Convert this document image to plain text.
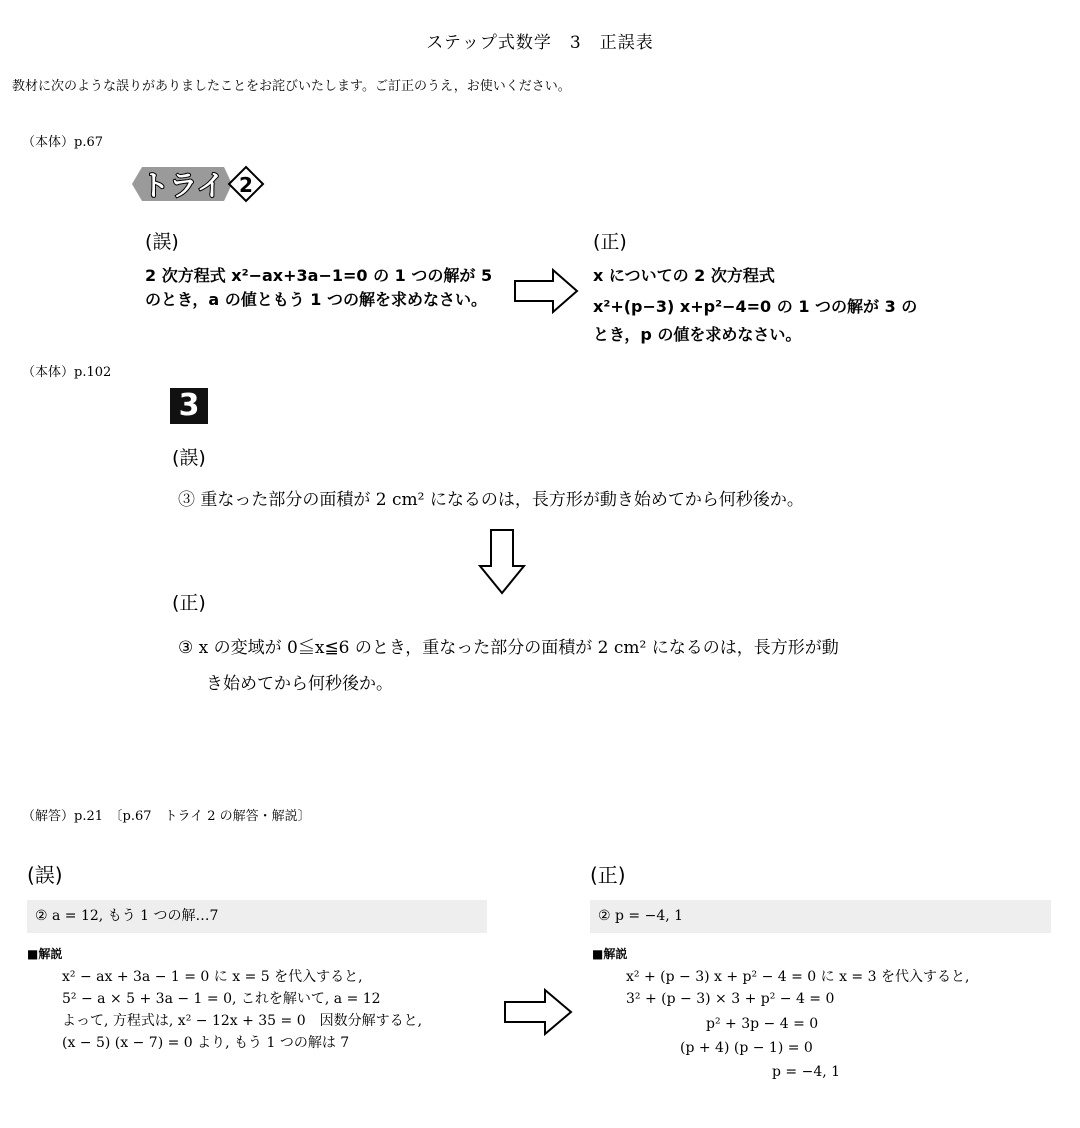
ステップ式数学　3　正誤表
教材に次のような誤りがありましたことをお詫びいたします。ご訂正のうえ，お使いください。
（本体）p.67
トライ 2
(誤)
2 次方程式 x²−ax+3a−1=0 の 1 つの解が 5 のとき，a の値ともう 1 つの解を求めなさい。
(正)
x についての 2 次方程式
x²+(p−3) x+p²−4=0 の 1 つの解が 3 の
とき，p の値を求めなさい。
（本体）p.102
3
(誤)
③ 重なった部分の面積が 2 cm² になるのは，長方形が動き始めてから何秒後か。
(正)
③ x の変域が 0≦x≦6 のとき，重なった部分の面積が 2 cm² になるのは，長方形が動
き始めてから何秒後か。
（解答）p.21　〔p.67　トライ 2 の解答・解説〕
(誤)
② a = 12, もう 1 つの解…7
■解説
x² − ax + 3a − 1 = 0 に x = 5 を代入すると,
5² − a × 5 + 3a − 1 = 0, これを解いて, a = 12
よって, 方程式は, x² − 12x + 35 = 0　因数分解すると,
(x − 5) (x − 7) = 0 より, もう 1 つの解は 7
(正)
② p = −4, 1
■解説
x² + (p − 3) x + p² − 4 = 0 に x = 3 を代入すると,
3² + (p − 3) × 3 + p² − 4 = 0
p² + 3p − 4 = 0
(p + 4) (p − 1) = 0
p = −4, 1
